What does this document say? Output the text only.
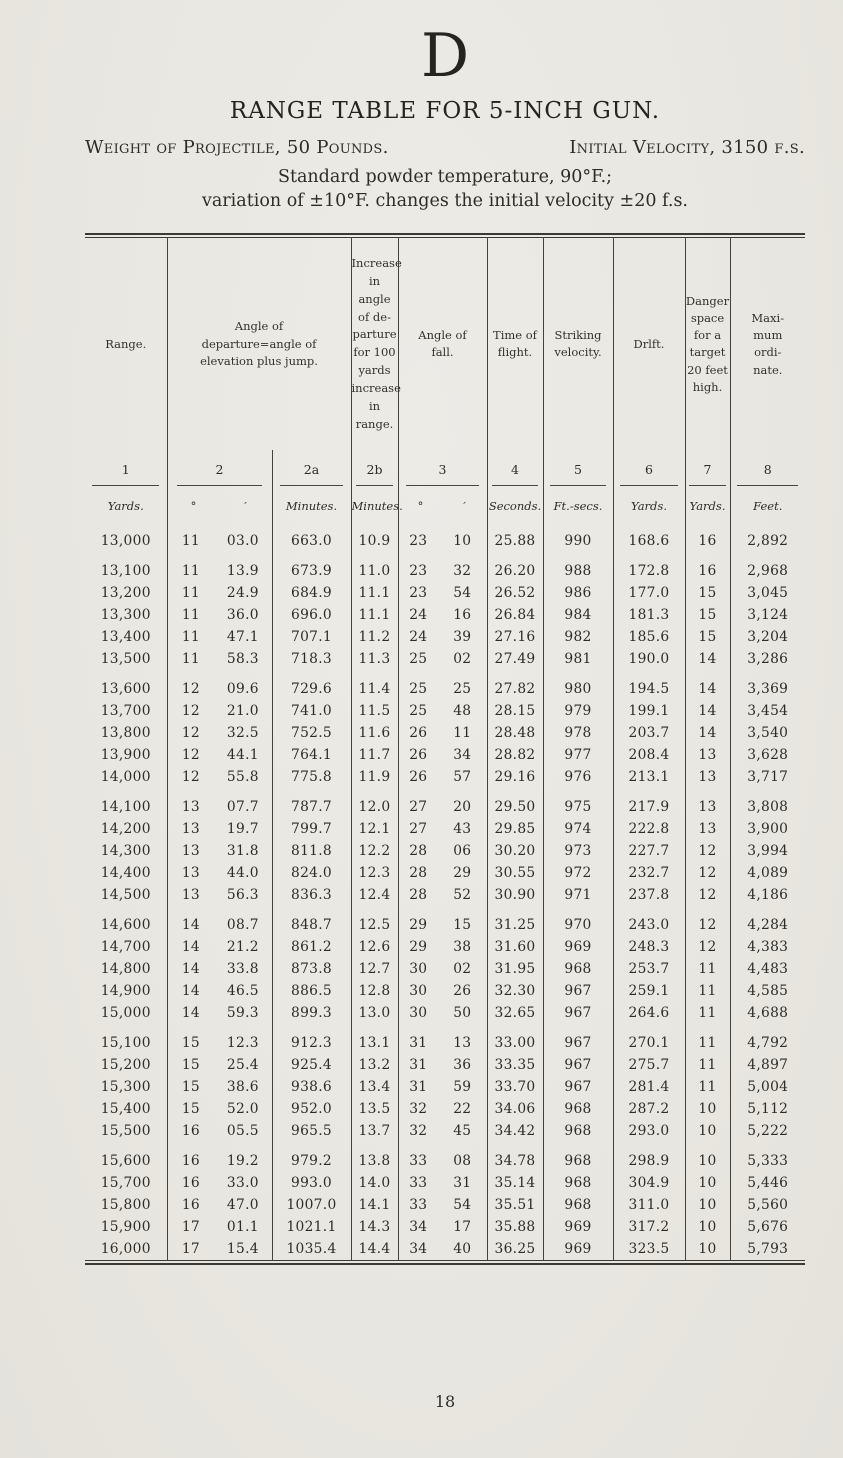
D
RANGE TABLE FOR 5-INCH GUN.
Weight of Projectile, 50 Pounds.	Initial Velocity, 3150 f.s.
Standard powder temperature, 90°F.;
variation of ±10°F. changes the initial velocity ±20 f.s.
Range.	Angle of departure=angle of elevation plus jump.		Increase in angle of departure for 100 yards increase in range.	Angle of fall.	Time of flight.	Striking velocity.	Drlft.	Danger space for a target 20 feet high.	Maximum ordinate.

1	2	2a	2b	3	4	5	6	7	8
Yards.	° ′	Minutes.	Minutes.	° ′	Seconds.	Ft.-secs.	Yards.	Yards.	Feet.
13,000	11 03.0	663.0	10.9	23 10	25.88	990	168.6	16	2,892
13,100	11 13.9	673.9	11.0	23 32	26.20	988	172.8	16	2,968
13,200	11 24.9	684.9	11.1	23 54	26.52	986	177.0	15	3,045
13,300	11 36.0	696.0	11.1	24 16	26.84	984	181.3	15	3,124
13,400	11 47.1	707.1	11.2	24 39	27.16	982	185.6	15	3,204
13,500	11 58.3	718.3	11.3	25 02	27.49	981	190.0	14	3,286
13,600	12 09.6	729.6	11.4	25 25	27.82	980	194.5	14	3,369
13,700	12 21.0	741.0	11.5	25 48	28.15	979	199.1	14	3,454
13,800	12 32.5	752.5	11.6	26 11	28.48	978	203.7	14	3,540
13,900	12 44.1	764.1	11.7	26 34	28.82	977	208.4	13	3,628
14,000	12 55.8	775.8	11.9	26 57	29.16	976	213.1	13	3,717
14,100	13 07.7	787.7	12.0	27 20	29.50	975	217.9	13	3,808
14,200	13 19.7	799.7	12.1	27 43	29.85	974	222.8	13	3,900
14,300	13 31.8	811.8	12.2	28 06	30.20	973	227.7	12	3,994
14,400	13 44.0	824.0	12.3	28 29	30.55	972	232.7	12	4,089
14,500	13 56.3	836.3	12.4	28 52	30.90	971	237.8	12	4,186
14,600	14 08.7	848.7	12.5	29 15	31.25	970	243.0	12	4,284
14,700	14 21.2	861.2	12.6	29 38	31.60	969	248.3	12	4,383
14,800	14 33.8	873.8	12.7	30 02	31.95	968	253.7	11	4,483
14,900	14 46.5	886.5	12.8	30 26	32.30	967	259.1	11	4,585
15,000	14 59.3	899.3	13.0	30 50	32.65	967	264.6	11	4,688
15,100	15 12.3	912.3	13.1	31 13	33.00	967	270.1	11	4,792
15,200	15 25.4	925.4	13.2	31 36	33.35	967	275.7	11	4,897
15,300	15 38.6	938.6	13.4	31 59	33.70	967	281.4	11	5,004
15,400	15 52.0	952.0	13.5	32 22	34.06	968	287.2	10	5,112
15,500	16 05.5	965.5	13.7	32 45	34.42	968	293.0	10	5,222
15,600	16 19.2	979.2	13.8	33 08	34.78	968	298.9	10	5,333
15,700	16 33.0	993.0	14.0	33 31	35.14	968	304.9	10	5,446
15,800	16 47.0	1007.0	14.1	33 54	35.51	968	311.0	10	5,560
15,900	17 01.1	1021.1	14.3	34 17	35.88	969	317.2	10	5,676
16,000	17 15.4	1035.4	14.4	34 40	36.25	969	323.5	10	5,793
18
